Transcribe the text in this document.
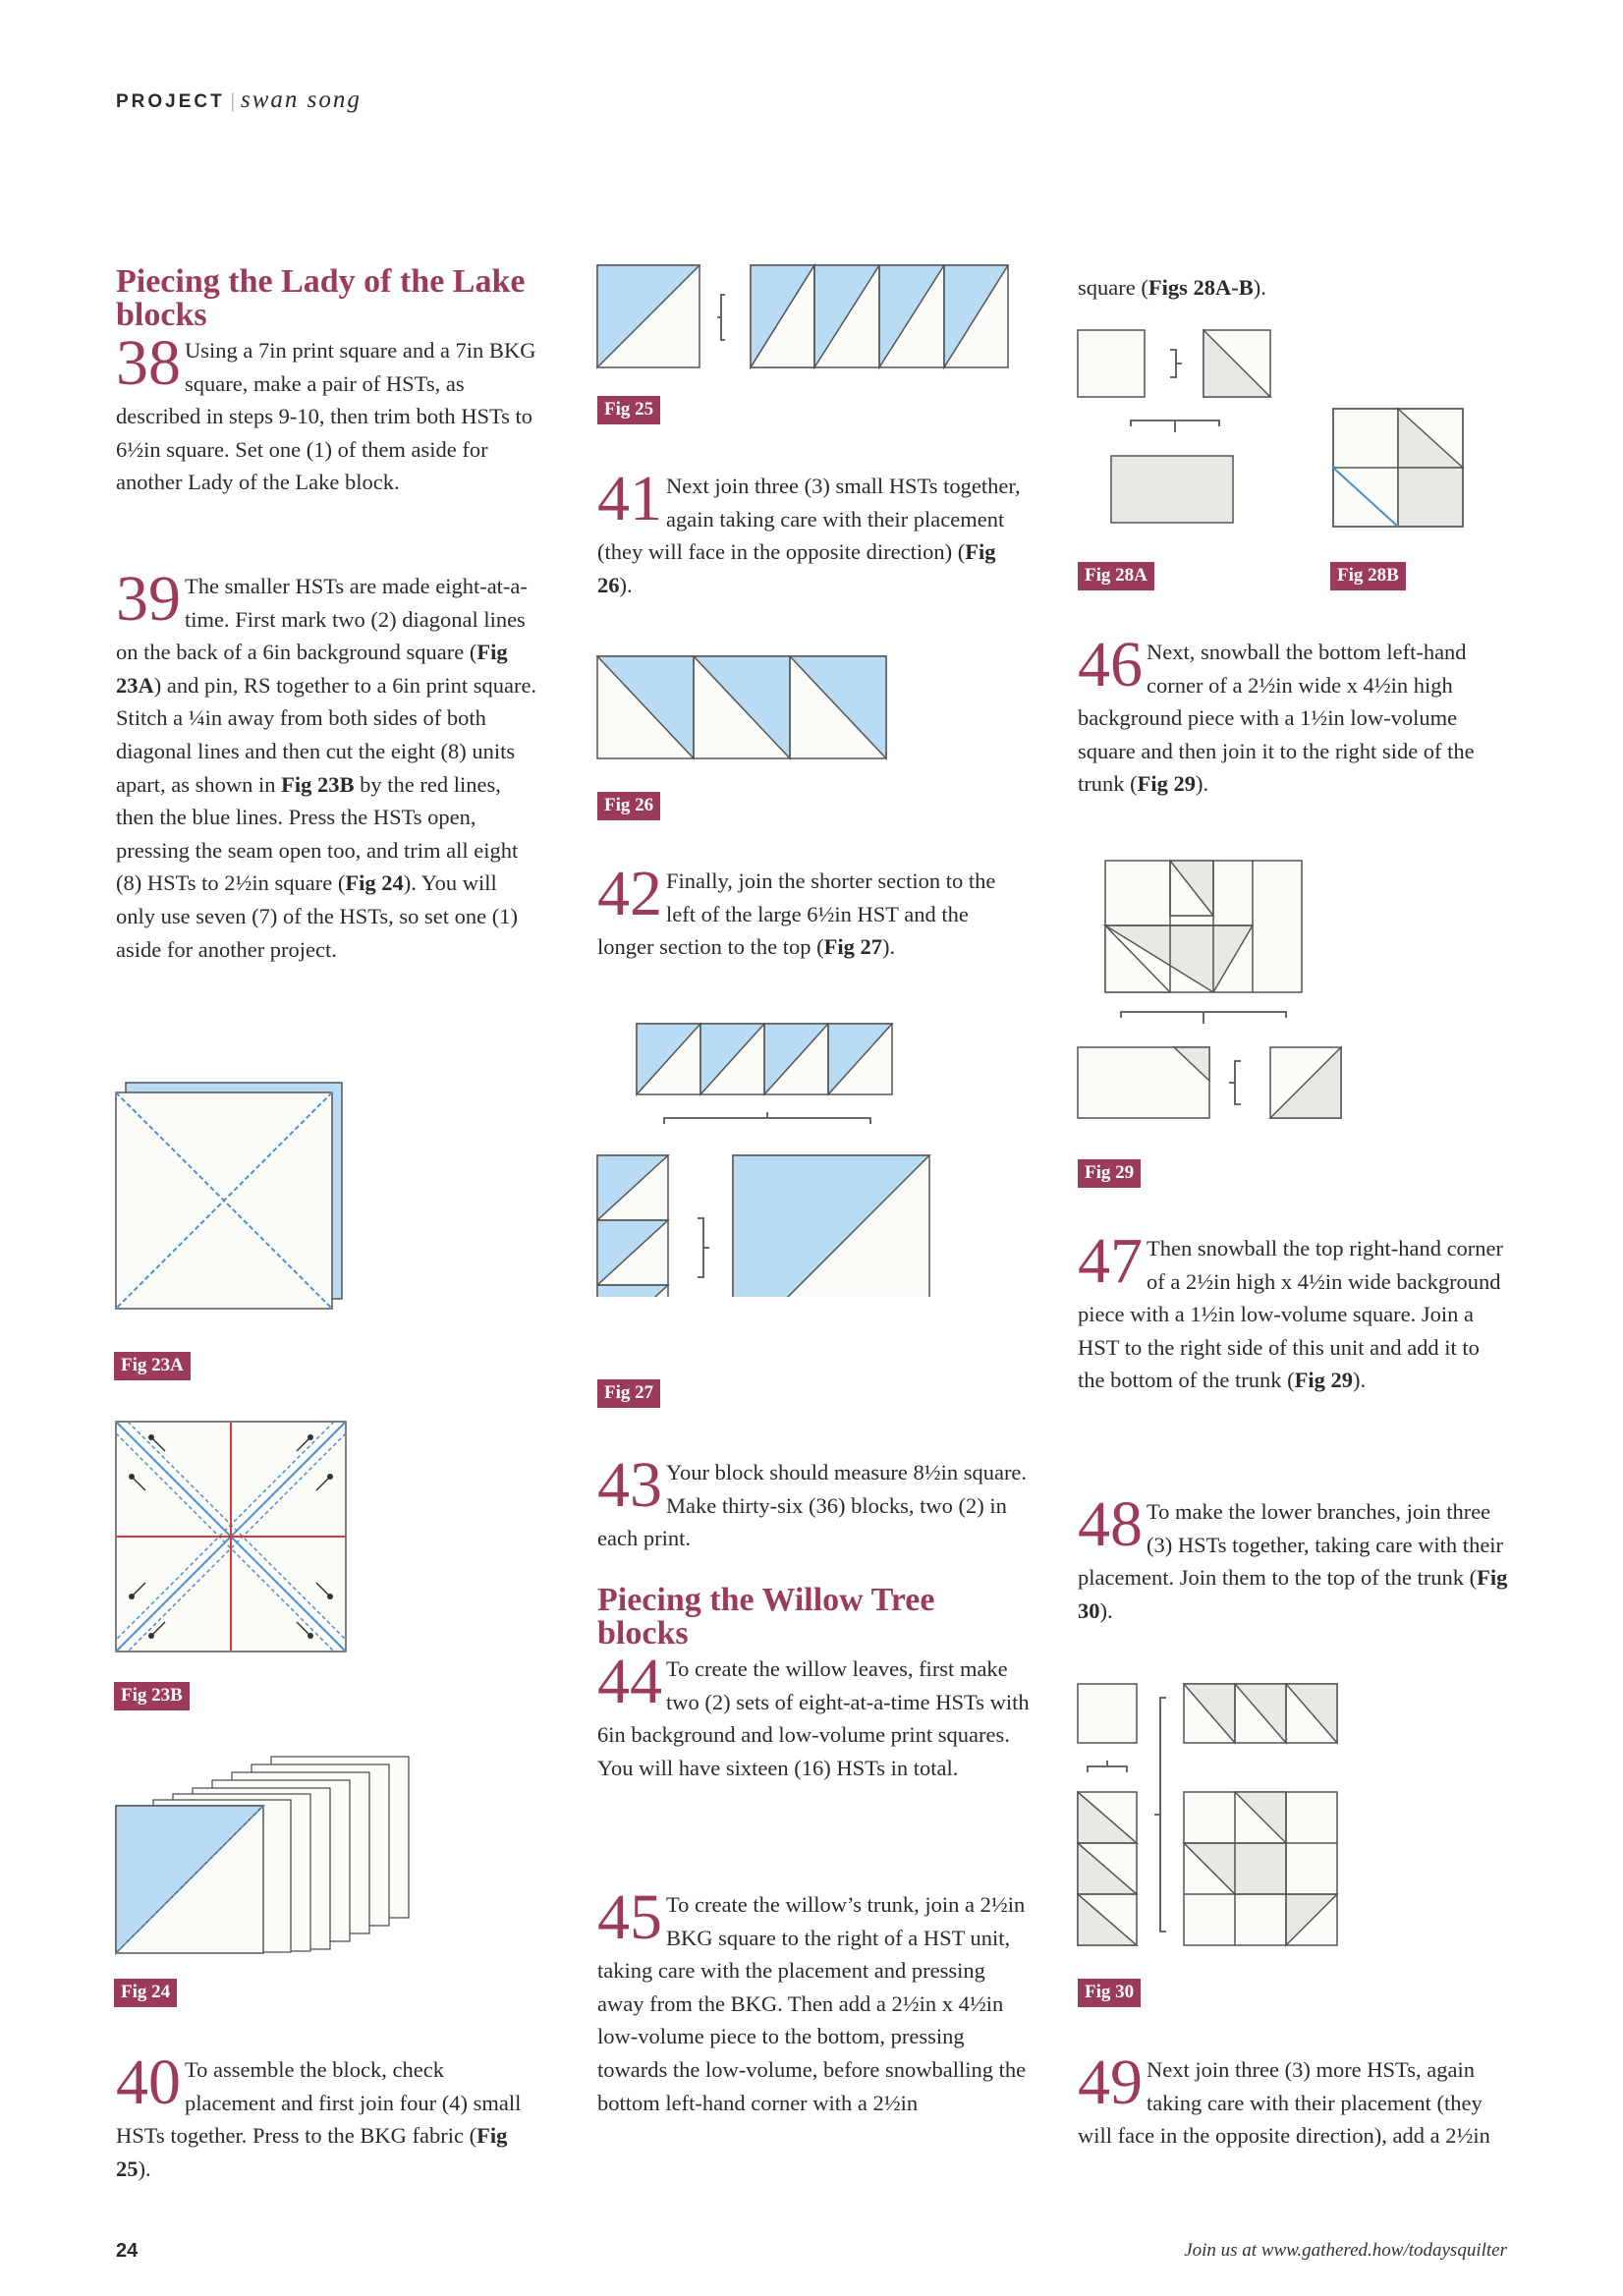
PROJECT | swan song
Piecing the Lady of the Lake blocks

38 Using a 7in print square and a 7in BKG square, make a pair of HSTs, as described in steps 9-10, then trim both HSTs to 6½in square. Set one (1) of them aside for another Lady of the Lake block.

39 The smaller HSTs are made eight-at-a-time. First mark two (2) diagonal lines on the back of a 6in background square (Fig 23A) and pin, RS together to a 6in print square. Stitch a ¼in away from both sides of both diagonal lines and then cut the eight (8) units apart, as shown in Fig 23B by the red lines, then the blue lines. Press the HSTs open, pressing the seam open too, and trim all eight (8) HSTs to 2½in square (Fig 24). You will only use seven (7) of the HSTs, so set one (1) aside for another project.

Fig 23A
Fig 23B
Fig 24

40 To assemble the block, check placement and first join four (4) small HSTs together. Press to the BKG fabric (Fig 25).

Fig 25

41 Next join three (3) small HSTs together, again taking care with their placement (they will face in the opposite direction) (Fig 26).

Fig 26

42 Finally, join the shorter section to the left of the large 6½in HST and the longer section to the top (Fig 27).

Fig 27

43 Your block should measure 8½in square. Make thirty-six (36) blocks, two (2) in each print.

Piecing the Willow Tree blocks

44 To create the willow leaves, first make two (2) sets of eight-at-a-time HSTs with 6in background and low-volume print squares. You will have sixteen (16) HSTs in total.

45 To create the willow’s trunk, join a 2½in BKG square to the right of a HST unit, taking care with the placement and pressing away from the BKG. Then add a 2½in x 4½in low-volume piece to the bottom, pressing towards the low-volume, before snowballing the bottom left-hand corner with a 2½in

square (Figs 28A-B).

Fig 28A	Fig 28B

46 Next, snowball the bottom left-hand corner of a 2½in wide x 4½in high background piece with a 1½in low-volume square and then join it to the right side of the trunk (Fig 29).

Fig 29

47 Then snowball the top right-hand corner of a 2½in high x 4½in wide background piece with a 1½in low-volume square. Join a HST to the right side of this unit and add it to the bottom of the trunk (Fig 29).

48 To make the lower branches, join three (3) HSTs together, taking care with their placement. Join them to the top of the trunk (Fig 30).

Fig 30

49 Next join three (3) more HSTs, again taking care with their placement (they will face in the opposite direction), add a 2½in

24	Join us at www.gathered.how/todaysquilter
